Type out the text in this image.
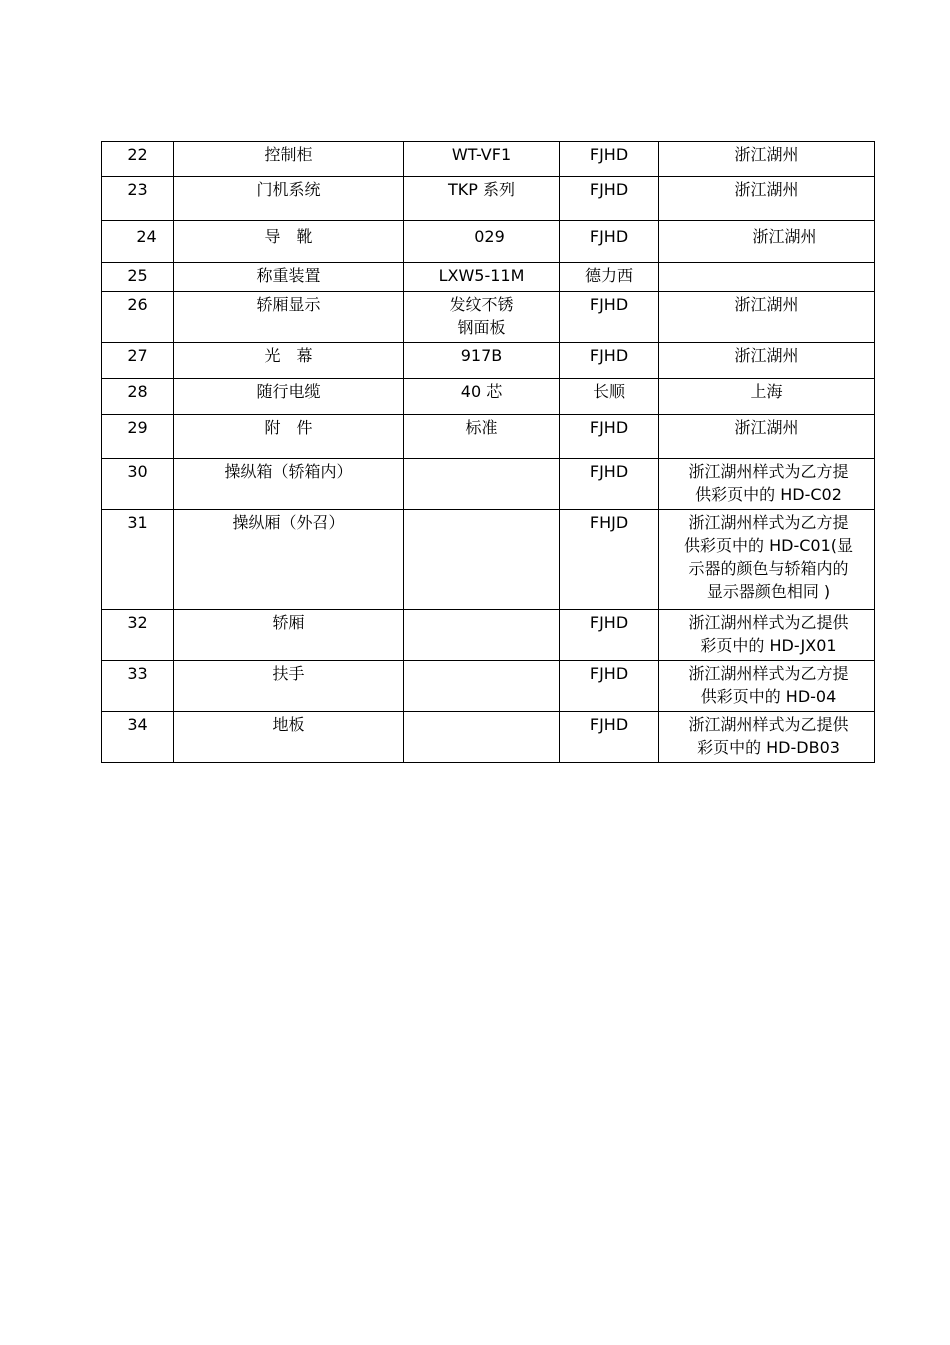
22	控制柜	WT-VF1	FJHD	浙江湖州

23	门机系统	TKP 系列	FJHD	浙江湖州

24	导　靴	029	FJHD	浙江湖州

25	称重装置	LXW5-11M	德力西	

26	轿厢显示	发纹不锈钢面板	FJHD	浙江湖州

27	光　幕	917B	FJHD	浙江湖州

28	随行电缆	40 芯	长顺	上海

29	附　件	标准	FJHD	浙江湖州

30	操纵箱（轿箱内）		FJHD	浙江湖州样式为乙方提
供彩页中的 HD-C02

31	操纵厢（外召）		FHJD	浙江湖州样式为乙方提
供彩页中的 HD-C01(显
示器的颜色与轿箱内的
显示器颜色相同 )

32	轿厢		FJHD	浙江湖州样式为乙提供
彩页中的 HD-JX01

33	扶手		FJHD	浙江湖州样式为乙方提
供彩页中的 HD-04

34	地板		FJHD	浙江湖州样式为乙提供
彩页中的 HD-DB03
